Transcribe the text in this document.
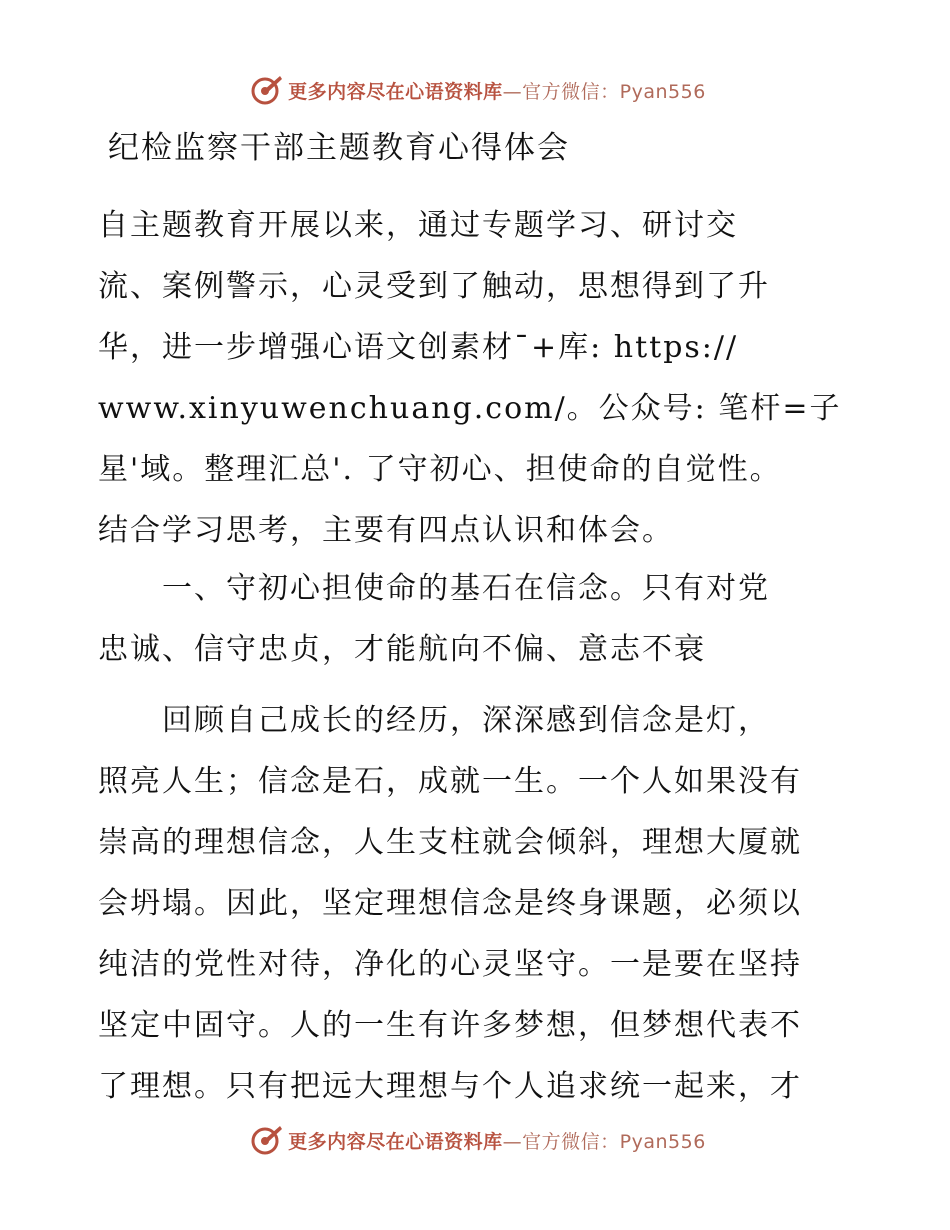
更多内容尽在心语资料库—官方微信：Pyan556
纪检监察干部主题教育心得体会
自主题教育开展以来，通过专题学习、研讨交
流、案例警示，心灵受到了触动，思想得到了升
华，进一步增强心语文创素材¯+库: https://
www.xinyuwenchuang.com/。公众号: 笔杆=子
星'域。整理汇总'. 了守初心、担使命的自觉性。
结合学习思考，主要有四点认识和体会。
　　一、守初心担使命的基石在信念。只有对党
忠诚、信守忠贞，才能航向不偏、意志不衰
　　回顾自己成长的经历，深深感到信念是灯，
照亮人生；信念是石，成就一生。一个人如果没有
崇高的理想信念，人生支柱就会倾斜，理想大厦就
会坍塌。因此，坚定理想信念是终身课题，必须以
纯洁的党性对待，净化的心灵坚守。一是要在坚持
坚定中固守。人的一生有许多梦想，但梦想代表不
了理想。只有把远大理想与个人追求统一起来，才
更多内容尽在心语资料库—官方微信：Pyan556
